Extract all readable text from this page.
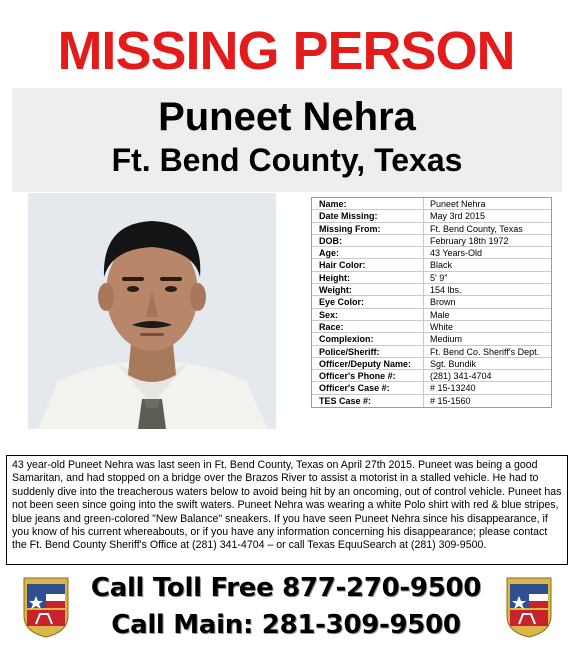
MISSING PERSON
Puneet Nehra
Ft. Bend County, Texas
Name:	Puneet Nehra
Date Missing:	May 3rd 2015
Missing From:	Ft. Bend County, Texas
DOB:	February 18th 1972
Age:	43 Years-Old
Hair Color:	Black
Height:	5' 9"
Weight:	154 lbs.
Eye Color:	Brown
Sex:	Male
Race:	White
Complexion:	Medium
Police/Sheriff:	Ft. Bend Co. Sheriff's Dept.
Officer/Deputy Name:	Sgt. Bundik
Officer's Phone #:	(281) 341-4704
Officer's Case #:	# 15-13240
TES Case #:	# 15-1560
43 year-old Puneet Nehra was last seen in Ft. Bend County, Texas on April 27th 2015. Puneet was being a good Samaritan, and had stopped on a bridge over the Brazos River to assist a motorist in a stalled vehicle. He had to suddenly dive into the treacherous waters below to avoid being hit by an oncoming, out of control vehicle. Puneet has not been seen since going into the swift waters. Puneet Nehra was wearing a white Polo shirt with red & blue stripes, blue jeans and green-colored "New Balance" sneakers. If you have seen Puneet Nehra since his disappearance, if you know of his current whereabouts, or if you have any information concerning his disappearance; please contact the Ft. Bend County Sheriff's Office at (281) 341-4704 – or call Texas EquuSearch at (281) 309-9500.
Call Toll Free 877-270-9500
Call Main: 281-309-9500
